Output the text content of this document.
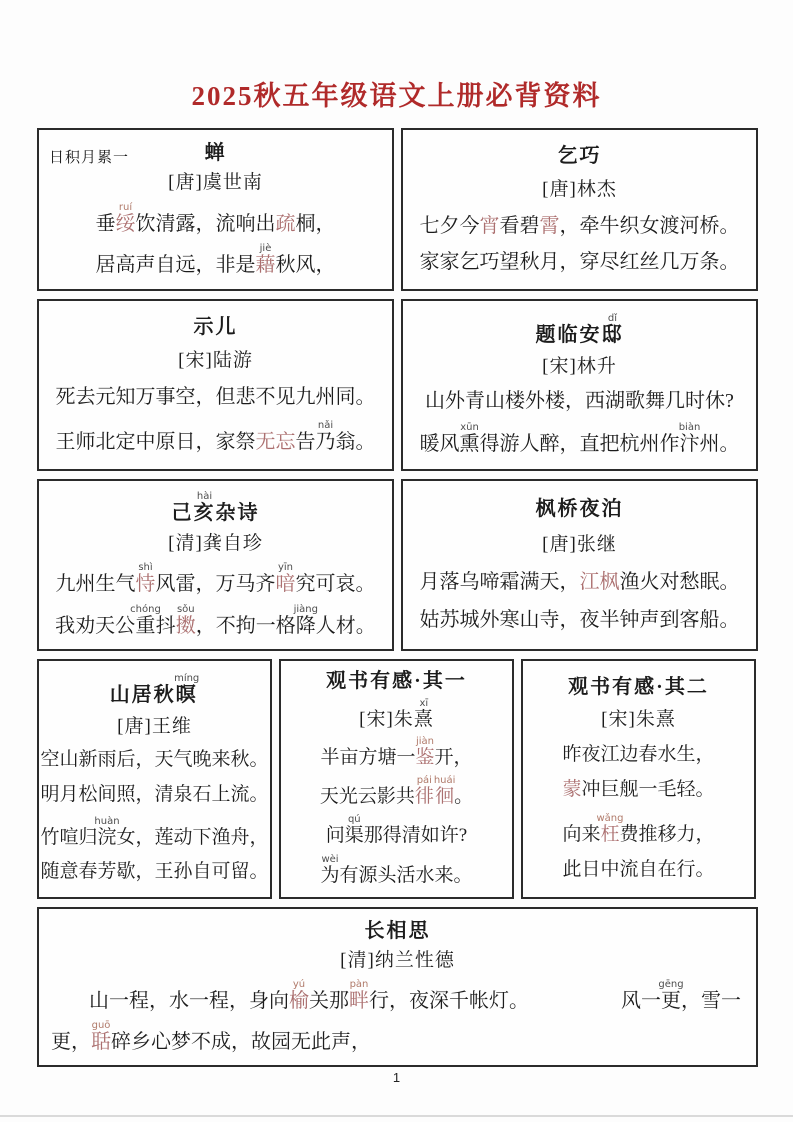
2025秋五年级语文上册必背资料
日积月累一	蝉
[唐]虞世南
垂绥ruí饮清露，流响出疏桐，
居高声自远，非是藉jiè秋风，
乞巧
[唐]林杰
七夕今宵看碧霄，牵牛织女渡河桥。
家家乞巧望秋月，穿尽红丝几万条。
示儿
[宋]陆游
死去元知万事空，但悲不见九州同。
王师北定中原日，家祭无忘告乃nǎi翁。
题临安邸dǐ
[宋]林升
山外青山楼外楼，西湖歌舞几时休?
暖风熏xūn得游人醉，直把杭州作汴biàn州。
己亥hài杂诗
[清]龚自珍
九州生气恃shì风雷，万马齐喑yīn究可哀。
我劝天公重chóng抖擞sǒu，不拘一格降jiàng人材。
枫桥夜泊
[唐]张继
月落乌啼霜满天，江枫渔火对愁眠。
姑苏城外寒山寺，夜半钟声到客船。
山居秋暝míng
[唐]王维
空山新雨后，天气晚来秋。
明月松间照，清泉石上流。
竹喧归浣huàn女，莲动下渔舟，
随意春芳歇，王孙自可留。
观书有感·其一
[宋]朱熹xī
半亩方塘一鉴jiàn开，
天光云影共徘pái徊huái。
问渠qú那得清如许?
为wèi有源头活水来。
观书有感·其二
[宋]朱熹
昨夜江边春水生，
蒙冲巨舰一毛轻。
向来枉wǎng费推移力，
此日中流自在行。
长相思
[清]纳兰性德
山一程，水一程，身向榆yú关那畔pàn行，夜深千帐灯。	风一更gēng，雪一
更，聒guō碎乡心梦不成，故园无此声，
1
